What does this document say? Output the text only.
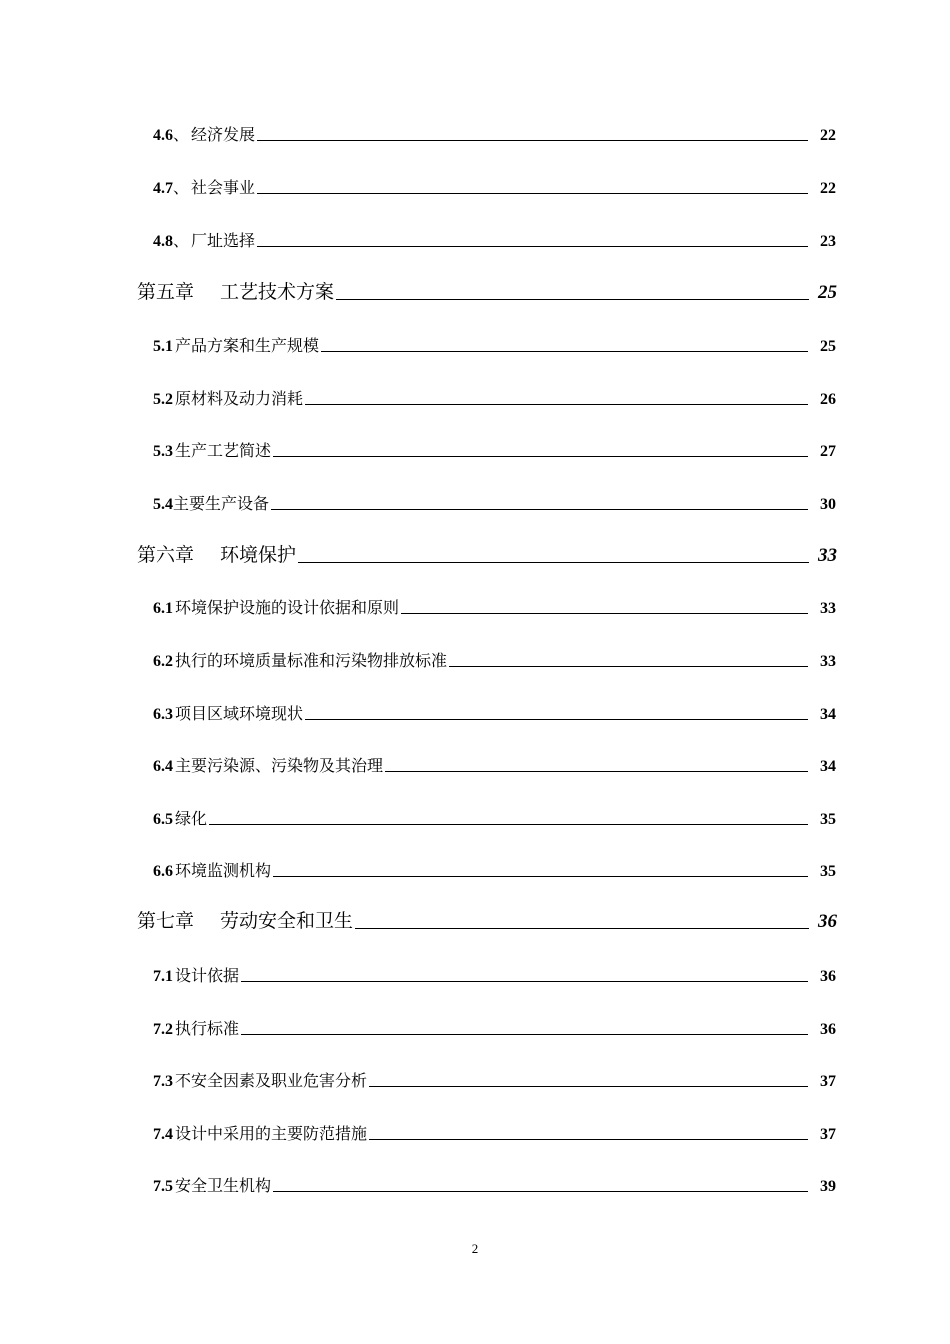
4.6 、 经济发展	22
4.7 、 社会事业	22
4.8 、 厂址选择	23
第五章	工艺技术方案	25
5.1 产品方案和生产规模	25
5.2 原材料及动力消耗	26
5.3 生产工艺简述	27
5.4 主要生产设备	30
第六章	环境保护	33
6.1 环境保护设施的设计依据和原则	33
6.2 执行的环境质量标准和污染物排放标准	33
6.3 项目区域环境现状	34
6.4 主要污染源、污染物及其治理	34
6.5 绿化	35
6.6 环境监测机构	35
第七章	劳动安全和卫生	36
7.1 设计依据	36
7.2 执行标准	36
7.3 不安全因素及职业危害分析	37
7.4 设计中采用的主要防范措施	37
7.5 安全卫生机构	39
2
